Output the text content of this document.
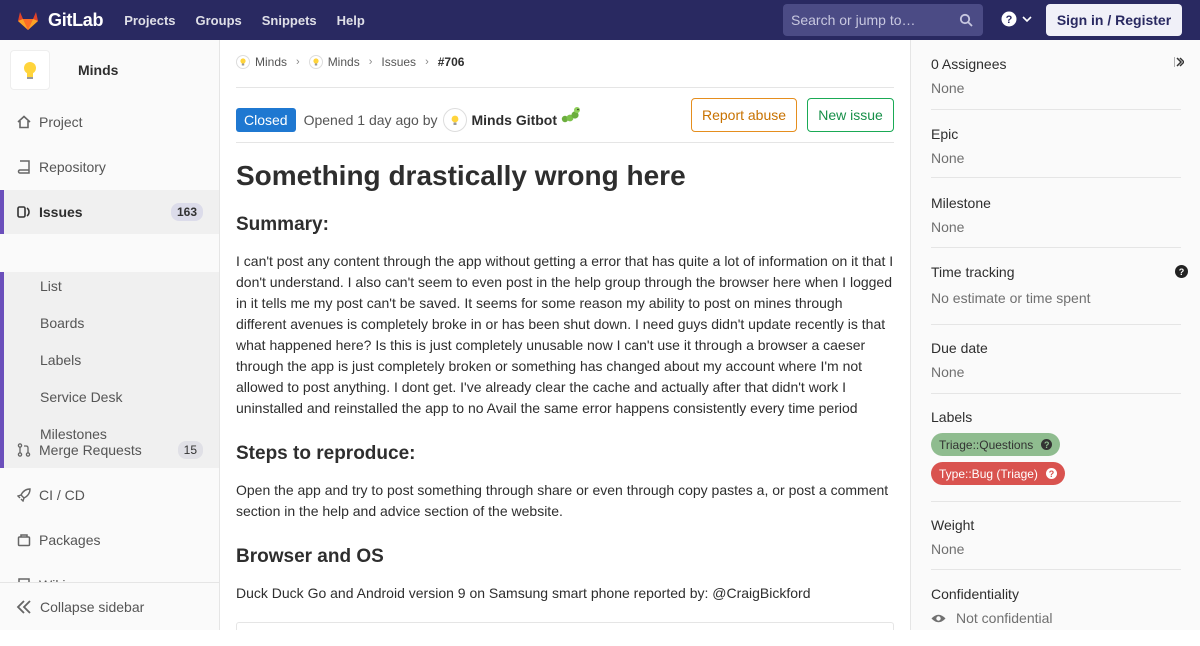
GitLab Projects Groups Snippets Help	Search or jump to…	?	Sign in / Register
Minds
Project
Repository
Issues	163
List
Boards
Labels
Service Desk
Milestones
Merge Requests	15
CI / CD
Packages
Collapse sidebar
Minds › Minds › Issues › #706
Closed	Opened 1 day ago by Minds Gitbot	Report abuse	New issue
Something drastically wrong here
Summary:

I can't post any content through the app without getting a error that has quite a lot of information on it that I don't understand. I also can't seem to even post in the help group through the browser here when I logged in it tells me my post can't be saved. It seems for some reason my ability to post on mines through different avenues is completely broke in or has been shut down. I need guys didn't update recently is that what happened here? Is this is just completely unusable now I can't use it through a browser a caeser through the app is just completely broken or something has changed about my account where I'm not allowed to post anything. I dont get. I've already clear the cache and actually after that didn't work I uninstalled and reinstalled the app to no Avail the same error happens consistently every time period

Steps to reproduce:

Open the app and try to post something through share or even through copy pastes a, or post a comment section in the help and advice section of the website.

Browser and OS

Duck Duck Go and Android version 9 on Samsung smart phone reported by: @CraigBickford

0 Assignees
None
Epic
None
Milestone
None
Time tracking
No estimate or time spent
?
Due date
None
Labels
Triage::Questions	?
Type::Bug (Triage)	?
Weight
None
Confidentiality
Not confidential
